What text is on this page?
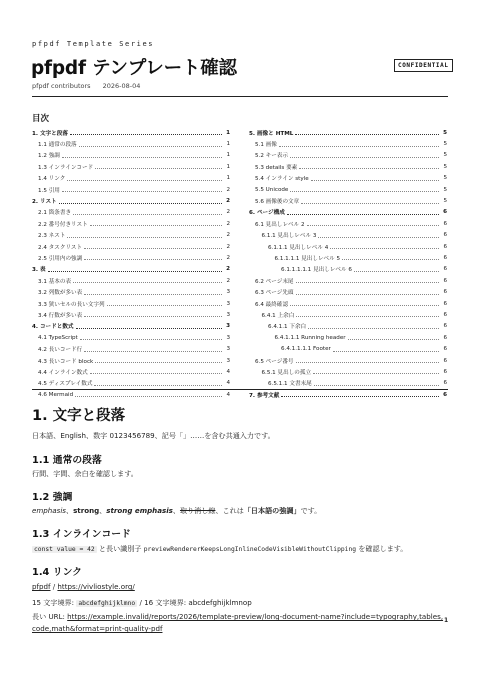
pfpdf Template Series
pfpdf テンプレート確認	CONFIDENTIAL
pfpdf contributors 2026-08-04
目次
1. 文字と段落	1
1.1 通常の段落	1
1.2 強調	1
1.3 インラインコード	1
1.4 リンク	1
1.5 引用	2
2. リスト	2
2.1 箇条書き	2
2.2 番号付きリスト	2
2.3 ネスト	2
2.4 タスクリスト	2
2.5 引用内の強調	2
3. 表	2
3.1 基本の表	2
3.2 列数が多い表	3
3.3 狭いセルの長い文字列	3
3.4 行数が多い表	3
4. コードと数式	3
4.1 TypeScript	3
4.2 長いコード行	3
4.3 長いコード block	3
4.4 インライン数式	4
4.5 ディスプレイ数式	4
4.6 Mermaid	4
5. 画像と HTML	5
5.1 画像	5
5.2 キー表示	5
5.3 details 要素	5
5.4 インライン style	5
5.5 Unicode	5
5.6 画像後の文章	5
6. ページ構成	6
6.1 見出しレベル 2	6
6.1.1 見出しレベル 3	6
6.1.1.1 見出しレベル 4	6
6.1.1.1.1 見出しレベル 5	6
6.1.1.1.1.1 見出しレベル 6	6
6.2 ページ末尾	6
6.3 ページ先頭	6
6.4 最終確認	6
6.4.1 上余白	6
6.4.1.1 下余白	6
6.4.1.1.1 Running header	6
6.4.1.1.1.1 Footer	6
6.5 ページ番号	6
6.5.1 見出しの孤立	6
6.5.1.1 文書末尾	6
7. 参考文献	6
1. 文字と段落
日本語、English、数字 0123456789、記号「」……を含む共通入力です。
1.1 通常の段落
行間、字間、余白を確認します。
1.2 強調
emphasis、strong、strong emphasis、取り消し線、これは「日本語の強調」です。
1.3 インラインコード
const value = 42 と長い識別子 previewRendererKeepsLongInlineCodeVisibleWithoutClipping を確認します。
1.4 リンク
pfpdf / https://vivliostyle.org/
15 文字境界: abcdefghijklmno / 16 文字境界: abcdefghijklmnop
長い URL: https://example.invalid/reports/2026/template-preview/long-document-name?include=typography,tables,
code,math&format=print-quality-pdf
1
